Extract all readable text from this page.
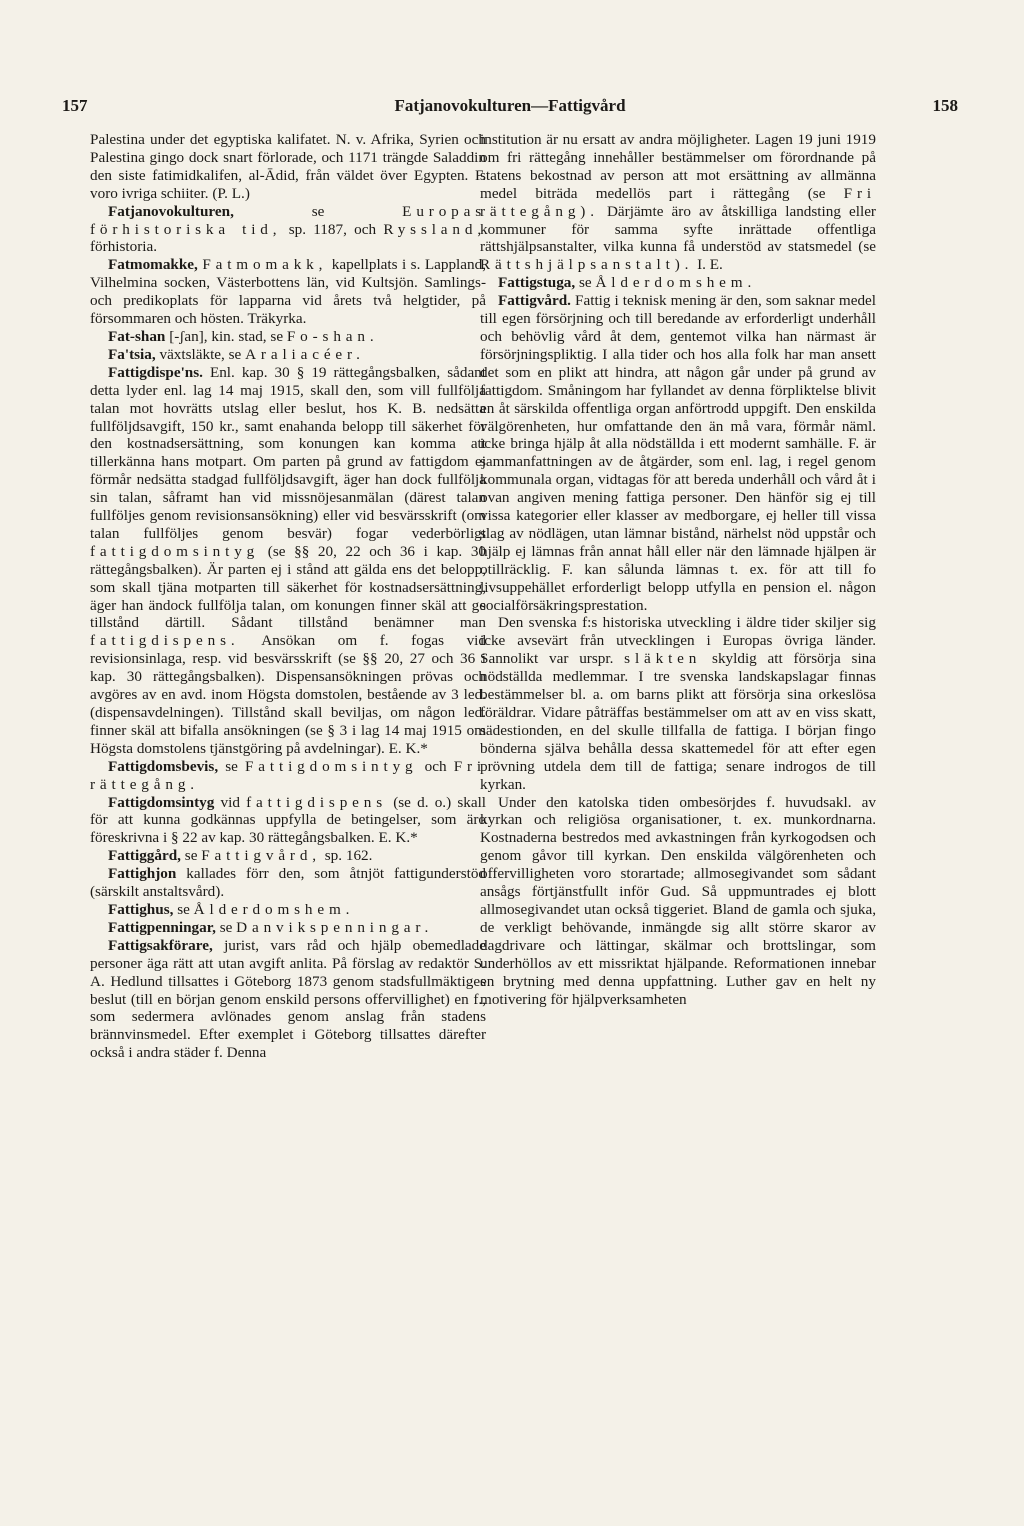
157	Fatjanovokulturen—Fattigvård	158

Palestina under det egyptiska kalifatet. N. v. Afrika, Syrien och Palestina gingo dock snart förlorade, och 1171 trängde Saladdin den siste fatimidkalifen, al-Ādid, från väldet över Egypten. F. voro ivriga schiiter. (P. L.)

Fatjanovokulturen,	se	Europas förhistoriska tid, sp. 1187, och Ryssland, förhistoria.

Fatmomakke, Fatmomakk, kapellplats i s. Lappland, Vilhelmina socken, Västerbottens län, vid Kultsjön. Samlings- och predikoplats för lapparna vid årets två helgtider, på försommaren och hösten. Träkyrka.

Fat-shan [-ʃan], kin. stad, se Fo-shan.

Fa'tsia, växtsläkte, se Araliacéer.

Fattigdispe'ns. Enl. kap. 30 § 19 rättegångsbalken, sådant detta lyder enl. lag 14 maj 1915, skall den, som vill fullfölja talan mot hovrätts utslag eller beslut, hos K. B. nedsätta fullföljdsavgift, 150 kr., samt enahanda belopp till säkerhet för den kostnadsersättning, som konungen kan komma att tillerkänna hans motpart. Om parten på grund av fattigdom ej förmår nedsätta stadgad fullföljdsavgift, äger han dock fullfölja sin talan, såframt han vid missnöjesanmälan (därest talan fullföljes genom revisionsansökning) eller vid besvärsskrift (om talan fullföljes genom besvär) fogar vederbörligt fattigdomsintyg (se §§ 20, 22 och 36 i kap. 30 rättegångsbalken). Är parten ej i stånd att gälda ens det belopp, som skall tjäna motparten till säkerhet för kostnadsersättning, äger han ändock fullfölja talan, om konungen finner skäl att ge tillstånd därtill. Sådant tillstånd benämner man fattigdispens. Ansökan om f. fogas vid revisionsinlaga, resp. vid besvärsskrift (se §§ 20, 27 och 36 i kap. 30 rättegångsbalken). Dispensansökningen prövas och avgöres av en avd. inom Högsta domstolen, bestående av 3 led. (dispensavdelningen). Tillstånd skall beviljas, om någon led. finner skäl att bifalla ansökningen (se § 3 i lag 14 maj 1915 om Högsta domstolens tjänstgöring på avdelningar). E. K.*

Fattigdomsbevis, se Fattigdomsintyg och Fri rättegång.

Fattigdomsintyg vid fattigdispens (se d. o.) skall för att kunna godkännas uppfylla de betingelser, som äro föreskrivna i § 22 av kap. 30 rättegångsbalken. E. K.*

Fattiggård, se Fattigvård, sp. 162.

Fattighjon kallades förr den, som åtnjöt fattigunderstöd (särskilt anstaltsvård).

Fattighus, se Ålderdomshem.

Fattigpenningar, se Danvikspenningar.

Fattigsakförare, jurist, vars råd och hjälp obemedlade personer äga rätt att utan avgift anlita. På förslag av redaktör S. A. Hedlund tillsattes i Göteborg 1873 genom stadsfullmäktiges beslut (till en början genom enskild persons offervillighet) en f., som sedermera avlönades genom anslag från stadens brännvinsmedel. Efter exemplet i Göteborg tillsattes därefter också i andra städer f. Denna

institution är nu ersatt av andra möjligheter. Lagen 19 juni 1919 om fri rättegång innehåller bestämmelser om förordnande på statens bekostnad av person att mot ersättning av allmänna medel biträda medellös part i rättegång (se Fri rättegång). Därjämte äro av åtskilliga landsting eller kommuner för samma syfte inrättade offentliga rättshjälpsanstalter, vilka kunna få understöd av statsmedel (se Rättshjälpsanstalt). I. E.

Fattigstuga, se Ålderdomshem.

Fattigvård. Fattig i teknisk mening är den, som saknar medel till egen försörjning och till beredande av erforderligt underhåll och behövlig vård åt dem, gentemot vilka han närmast är försörjningspliktig. I alla tider och hos alla folk har man ansett det som en plikt att hindra, att någon går under på grund av fattigdom. Småningom har fyllandet av denna förpliktelse blivit en åt särskilda offentliga organ anförtrodd uppgift. Den enskilda välgörenheten, hur omfattande den än må vara, förmår näml. icke bringa hjälp åt alla nödställda i ett modernt samhälle. F. är sammanfattningen av de åtgärder, som enl. lag, i regel genom kommunala organ, vidtagas för att bereda underhåll och vård åt i ovan angiven mening fattiga personer. Den hänför sig ej till vissa kategorier eller klasser av medborgare, ej heller till vissa slag av nödlägen, utan lämnar bistånd, närhelst nöd uppstår och hjälp ej lämnas från annat håll eller när den lämnade hjälpen är otillräcklig. F. kan sålunda lämnas t. ex. för att till fo livsuppehället erforderligt belopp utfylla en pension el. någon socialförsäkringsprestation.

Den svenska f:s historiska utveckling i äldre tider skiljer sig icke avsevärt från utvecklingen i Europas övriga länder. Sannolikt var urspr. släkten skyldig att försörja sina nödställda medlemmar. I tre svenska landskapslagar finnas bestämmelser bl. a. om barns plikt att försörja sina orkeslösa föräldrar. Vidare påträffas bestämmelser om att av en viss skatt, sädestionden, en del skulle tillfalla de fattiga. I början fingo bönderna själva behålla dessa skattemedel för att efter egen prövning utdela dem till de fattiga; senare indrogos de till kyrkan.

Under den katolska tiden ombesörjdes f. huvudsakl. av kyrkan och religiösa organisationer, t. ex. munkordnarna. Kostnaderna bestredos med avkastningen från kyrkogodsen och genom gåvor till kyrkan. Den enskilda välgörenheten och offervilligheten voro storartade; allmosegivandet som sådant ansågs förtjänstfullt inför Gud. Så uppmuntrades ej blott allmosegivandet utan också tiggeriet. Bland de gamla och sjuka, de verkligt behövande, inmängde sig allt större skaror av dagdrivare och lättingar, skälmar och brottslingar, som underhöllos av ett missriktat hjälpande. Reformationen innebar en brytning med denna uppfattning. Luther gav en helt ny motivering för hjälpverksamheten
